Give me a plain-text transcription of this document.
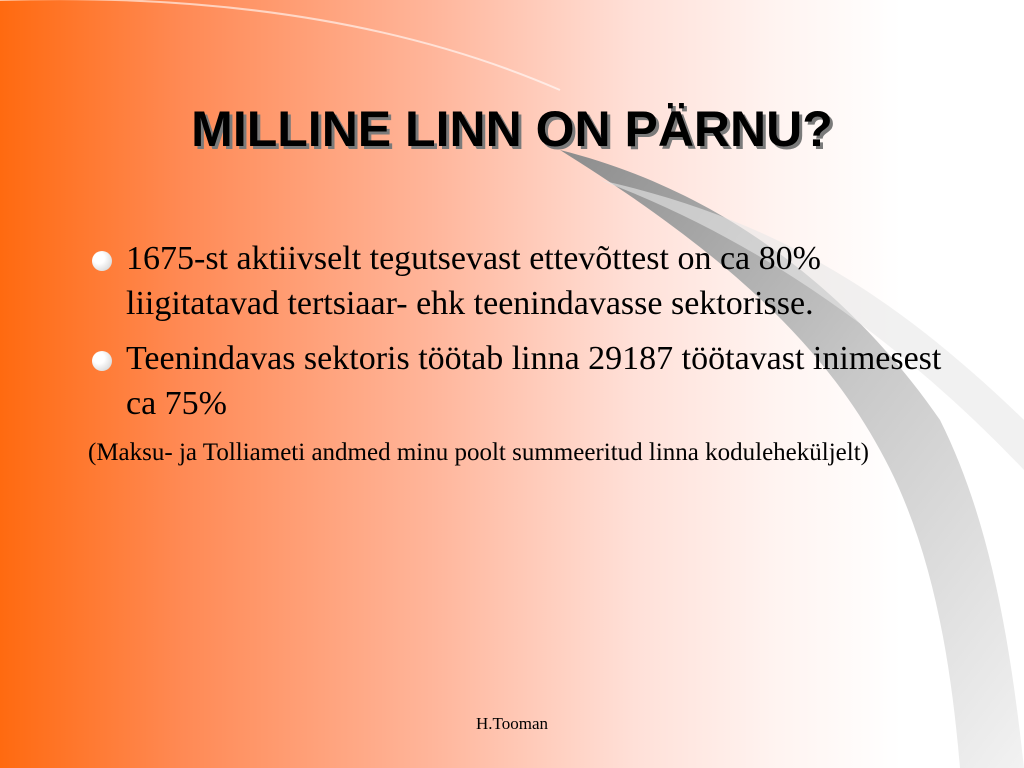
MILLINE LINN ON PÄRNU?
1675-st aktiivselt tegutsevast ettevõttest on ca 80% liigitatavad tertsiaar- ehk teenindavasse sektorisse.
Teenindavas sektoris töötab linna 29187 töötavast inimesest ca 75%
(Maksu- ja Tolliameti andmed minu poolt summeeritud linna koduleheküljelt)
H.Tooman
